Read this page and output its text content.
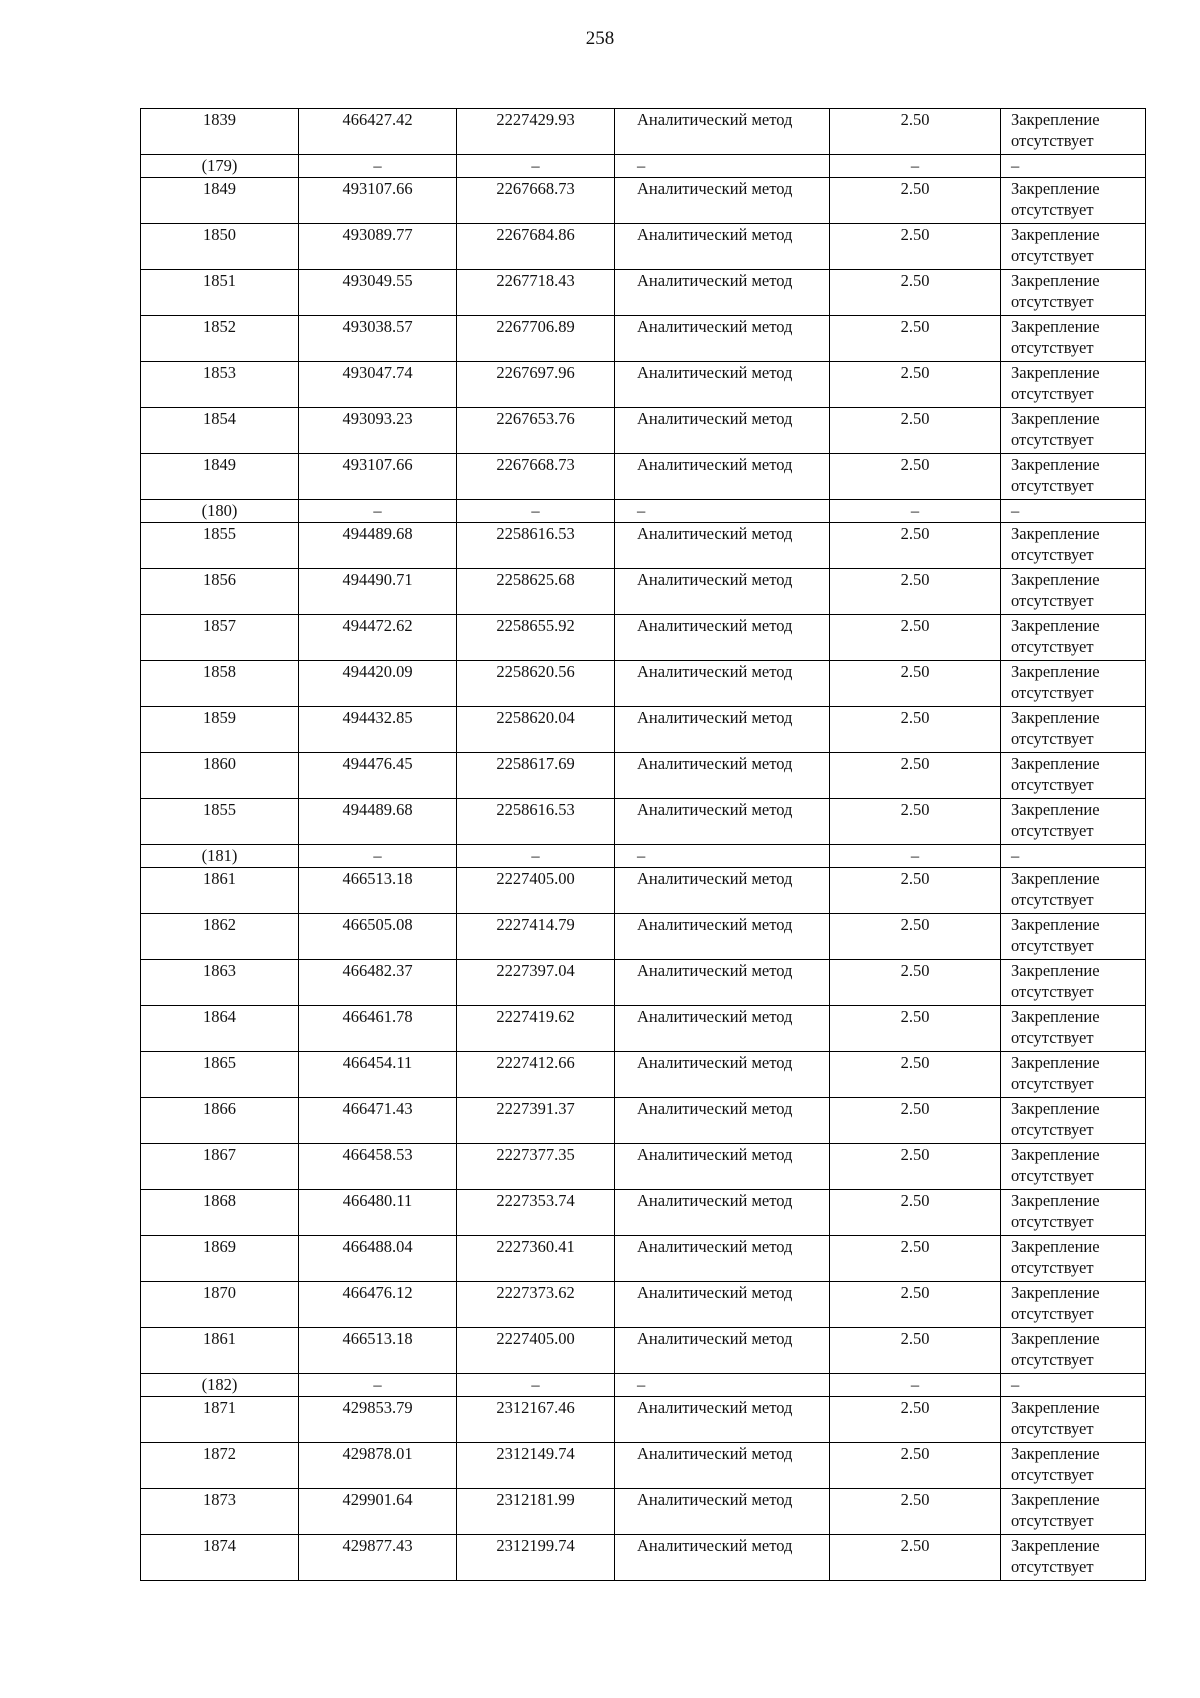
258
1839	466427.42	2227429.93	Аналитический метод	2.50	Закрепление отсутствует
(179)	–	–	–	–	–
1849	493107.66	2267668.73	Аналитический метод	2.50	Закрепление отсутствует
1850	493089.77	2267684.86	Аналитический метод	2.50	Закрепление отсутствует
1851	493049.55	2267718.43	Аналитический метод	2.50	Закрепление отсутствует
1852	493038.57	2267706.89	Аналитический метод	2.50	Закрепление отсутствует
1853	493047.74	2267697.96	Аналитический метод	2.50	Закрепление отсутствует
1854	493093.23	2267653.76	Аналитический метод	2.50	Закрепление отсутствует
1849	493107.66	2267668.73	Аналитический метод	2.50	Закрепление отсутствует
(180)	–	–	–	–	–
1855	494489.68	2258616.53	Аналитический метод	2.50	Закрепление отсутствует
1856	494490.71	2258625.68	Аналитический метод	2.50	Закрепление отсутствует
1857	494472.62	2258655.92	Аналитический метод	2.50	Закрепление отсутствует
1858	494420.09	2258620.56	Аналитический метод	2.50	Закрепление отсутствует
1859	494432.85	2258620.04	Аналитический метод	2.50	Закрепление отсутствует
1860	494476.45	2258617.69	Аналитический метод	2.50	Закрепление отсутствует
1855	494489.68	2258616.53	Аналитический метод	2.50	Закрепление отсутствует
(181)	–	–	–	–	–
1861	466513.18	2227405.00	Аналитический метод	2.50	Закрепление отсутствует
1862	466505.08	2227414.79	Аналитический метод	2.50	Закрепление отсутствует
1863	466482.37	2227397.04	Аналитический метод	2.50	Закрепление отсутствует
1864	466461.78	2227419.62	Аналитический метод	2.50	Закрепление отсутствует
1865	466454.11	2227412.66	Аналитический метод	2.50	Закрепление отсутствует
1866	466471.43	2227391.37	Аналитический метод	2.50	Закрепление отсутствует
1867	466458.53	2227377.35	Аналитический метод	2.50	Закрепление отсутствует
1868	466480.11	2227353.74	Аналитический метод	2.50	Закрепление отсутствует
1869	466488.04	2227360.41	Аналитический метод	2.50	Закрепление отсутствует
1870	466476.12	2227373.62	Аналитический метод	2.50	Закрепление отсутствует
1861	466513.18	2227405.00	Аналитический метод	2.50	Закрепление отсутствует
(182)	–	–	–	–	–
1871	429853.79	2312167.46	Аналитический метод	2.50	Закрепление отсутствует
1872	429878.01	2312149.74	Аналитический метод	2.50	Закрепление отсутствует
1873	429901.64	2312181.99	Аналитический метод	2.50	Закрепление отсутствует
1874	429877.43	2312199.74	Аналитический метод	2.50	Закрепление отсутствует
